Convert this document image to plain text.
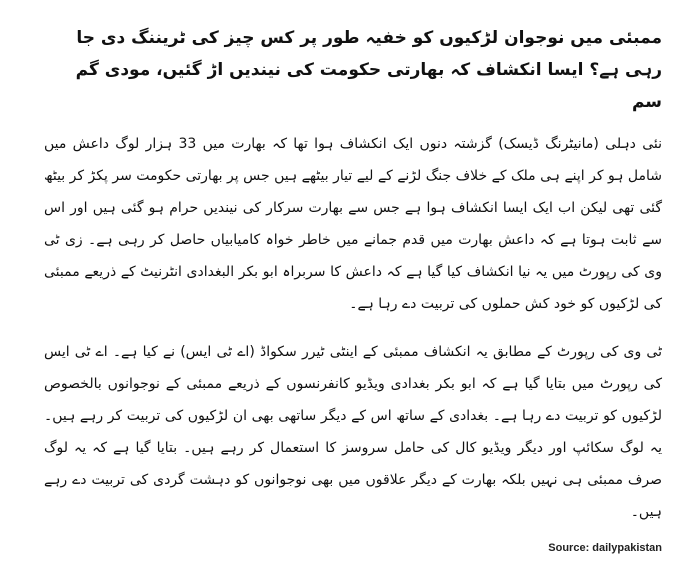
ممبئی میں نوجوان لڑکیوں کو خفیہ طور پر کس چیز کی ٹریننگ دی جا رہی ہے؟ ایسا انکشاف کہ بھارتی حکومت کی نیندیں اڑ گئیں، مودی گم سم

نئی دہلی (مانیٹرنگ ڈیسک) گزشتہ دنوں ایک انکشاف ہوا تھا کہ بھارت میں 33 ہزار لوگ داعش میں شامل ہو کر اپنے ہی ملک کے خلاف جنگ لڑنے کے لیے تیار بیٹھے ہیں جس پر بھارتی حکومت سر پکڑ کر بیٹھ گئی تھی لیکن اب ایک ایسا انکشاف ہوا ہے جس سے بھارت سرکار کی نیندیں حرام ہو گئی ہیں اور اس سے ثابت ہوتا ہے کہ داعش بھارت میں قدم جمانے میں خاطر خواہ کامیابیاں حاصل کر رہی ہے۔ زی ٹی وی کی رپورٹ میں یہ نیا انکشاف کیا گیا ہے کہ داعش کا سربراہ ابو بکر البغدادی انٹرنیٹ کے ذریعے ممبئی کی لڑکیوں کو خود کش حملوں کی تربیت دے رہا ہے۔

ٹی وی کی رپورٹ کے مطابق یہ انکشاف ممبئی کے اینٹی ٹیرر سکواڈ (اے ٹی ایس) نے کیا ہے۔ اے ٹی ایس کی رپورٹ میں بتایا گیا ہے کہ ابو بکر بغدادی ویڈیو کانفرنسوں کے ذریعے ممبئی کے نوجوانوں بالخصوص لڑکیوں کو تربیت دے رہا ہے۔ بغدادی کے ساتھ اس کے دیگر ساتھی بھی ان لڑکیوں کی تربیت کر رہے ہیں۔ یہ لوگ سکائپ اور دیگر ویڈیو کال کی حامل سروسز کا استعمال کر رہے ہیں۔ بتایا گیا ہے کہ یہ لوگ صرف ممبئی ہی نہیں بلکہ بھارت کے دیگر علاقوں میں بھی نوجوانوں کو دہشت گردی کی تربیت دے رہے ہیں۔

Source: dailypakistan
